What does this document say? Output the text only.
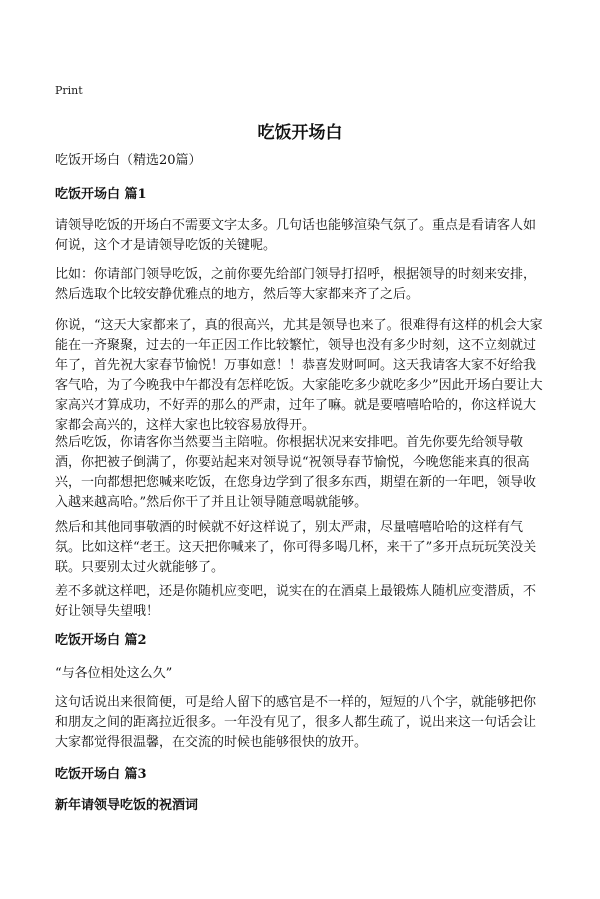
Print
吃饭开场白
吃饭开场白（精选20篇）
吃饭开场白 篇1
请领导吃饭的开场白不需要文字太多。几句话也能够渲染气氛了。重点是看请客人如何说，这个才是请领导吃饭的关键呢。
比如：你请部门领导吃饭，之前你要先给部门领导打招呼，根据领导的时刻来安排，然后选取个比较安静优雅点的地方，然后等大家都来齐了之后。
你说，“这天大家都来了，真的很高兴，尤其是领导也来了。很难得有这样的机会大家能在一齐聚聚，过去的一年正因工作比较繁忙，领导也没有多少时刻，这不立刻就过年了，首先祝大家春节愉悦！万事如意！！恭喜发财呵呵。这天我请客大家不好给我客气哈，为了今晚我中午都没有怎样吃饭。大家能吃多少就吃多少”因此开场白要让大家高兴才算成功，不好弄的那么的严肃，过年了嘛。就是要嘻嘻哈哈的，你这样说大家都会高兴的，这样大家也比较容易放得开。
然后吃饭，你请客你当然要当主陪啦。你根据状况来安排吧。首先你要先给领导敬酒，你把被子倒满了，你要站起来对领导说“祝领导春节愉悦，今晚您能来真的很高兴，一向都想把您喊来吃饭，在您身边学到了很多东西，期望在新的一年吧，领导收入越来越高哈。”然后你干了并且让领导随意喝就能够。
然后和其他同事敬酒的时候就不好这样说了，别太严肃，尽量嘻嘻哈哈的这样有气氛。比如这样“老王。这天把你喊来了，你可得多喝几杯，来干了”多开点玩玩笑没关联。只要别太过火就能够了。
差不多就这样吧，还是你随机应变吧，说实在的在酒桌上最锻炼人随机应变潜质，不好让领导失望哦！
吃饭开场白 篇2
“与各位相处这么久”
这句话说出来很简便，可是给人留下的感官是不一样的，短短的八个字，就能够把你和朋友之间的距离拉近很多。一年没有见了，很多人都生疏了，说出来这一句话会让大家都觉得很温馨，在交流的时候也能够很快的放开。
吃饭开场白 篇3
新年请领导吃饭的祝酒词
